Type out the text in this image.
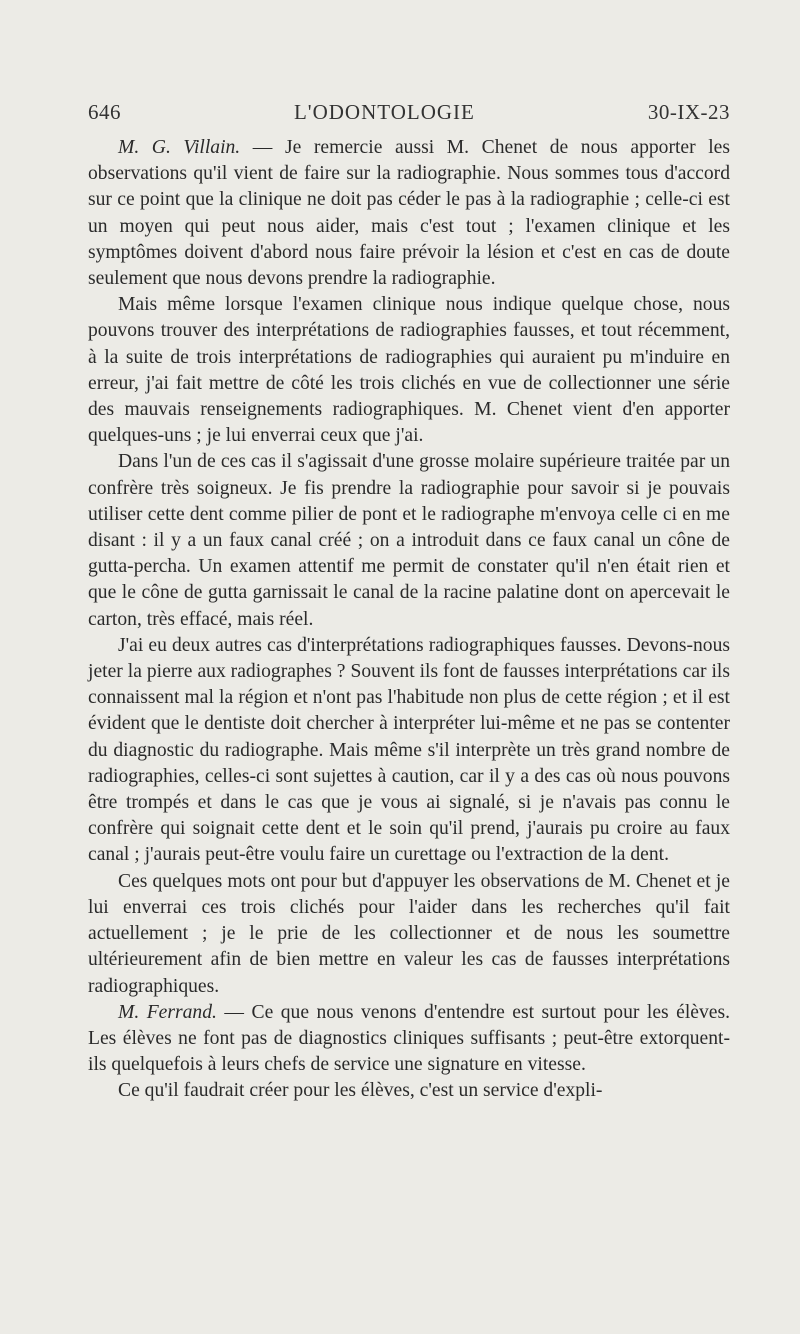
646	L'ODONTOLOGIE	30-IX-23

M. G. Villain. — Je remercie aussi M. Chenet de nous apporter les observations qu'il vient de faire sur la radiographie. Nous sommes tous d'accord sur ce point que la clinique ne doit pas céder le pas à la radiographie ; celle-ci est un moyen qui peut nous aider, mais c'est tout ; l'examen clinique et les symptômes doivent d'abord nous faire prévoir la lésion et c'est en cas de doute seulement que nous devons prendre la radiographie.

Mais même lorsque l'examen clinique nous indique quelque chose, nous pouvons trouver des interprétations de radiographies fausses, et tout récemment, à la suite de trois interprétations de radiographies qui auraient pu m'induire en erreur, j'ai fait mettre de côté les trois clichés en vue de collectionner une série des mauvais renseignements radiographiques. M. Chenet vient d'en apporter quelques-uns ; je lui enverrai ceux que j'ai.

Dans l'un de ces cas il s'agissait d'une grosse molaire supérieure traitée par un confrère très soigneux. Je fis prendre la radiographie pour savoir si je pouvais utiliser cette dent comme pilier de pont et le radiographe m'envoya celle ci en me disant : il y a un faux canal créé ; on a introduit dans ce faux canal un cône de gutta-percha. Un examen attentif me permit de constater qu'il n'en était rien et que le cône de gutta garnissait le canal de la racine palatine dont on apercevait le carton, très effacé, mais réel.

J'ai eu deux autres cas d'interprétations radiographiques fausses. Devons-nous jeter la pierre aux radiographes ? Souvent ils font de fausses interprétations car ils connaissent mal la région et n'ont pas l'habitude non plus de cette région ; et il est évident que le dentiste doit chercher à interpréter lui-même et ne pas se contenter du diagnostic du radiographe. Mais même s'il interprète un très grand nombre de radiographies, celles-ci sont sujettes à caution, car il y a des cas où nous pouvons être trompés et dans le cas que je vous ai signalé, si je n'avais pas connu le confrère qui soignait cette dent et le soin qu'il prend, j'aurais pu croire au faux canal ; j'aurais peut-être voulu faire un curettage ou l'extraction de la dent.

Ces quelques mots ont pour but d'appuyer les observations de M. Chenet et je lui enverrai ces trois clichés pour l'aider dans les recherches qu'il fait actuellement ; je le prie de les collectionner et de nous les soumettre ultérieurement afin de bien mettre en valeur les cas de fausses interprétations radiographiques.

M. Ferrand. — Ce que nous venons d'entendre est surtout pour les élèves. Les élèves ne font pas de diagnostics cliniques suffisants ; peut-être extorquent-ils quelquefois à leurs chefs de service une signature en vitesse.

Ce qu'il faudrait créer pour les élèves, c'est un service d'expli-
